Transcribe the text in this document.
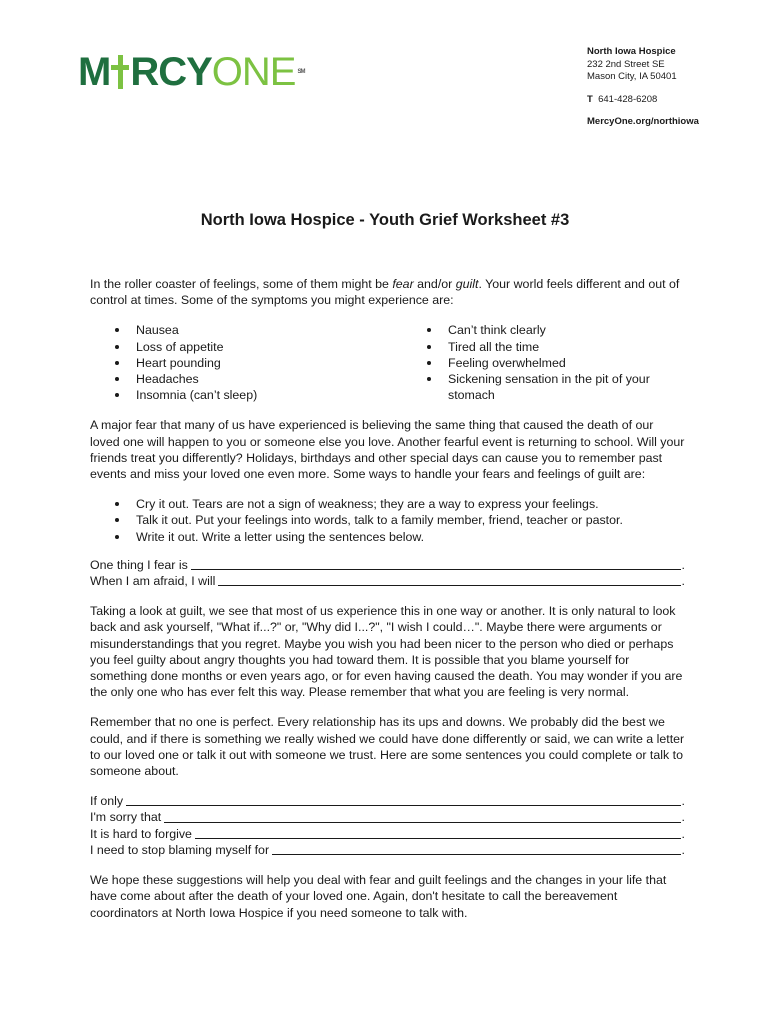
M RCYONE SM
North Iowa Hospice
232 2nd Street SE
Mason City, IA 50401
T 641-428-6208
MercyOne.org/northiowa
North Iowa Hospice - Youth Grief Worksheet #3

In the roller coaster of feelings, some of them might be fear and/or guilt. Your world feels different and out of control at times. Some of the symptoms you might experience are:

Nausea
Loss of appetite
Heart pounding
Headaches
Insomnia (can’t sleep)
Can’t think clearly
Tired all the time
Feeling overwhelmed
Sickening sensation in the pit of your stomach

A major fear that many of us have experienced is believing the same thing that caused the death of our loved one will happen to you or someone else you love. Another fearful event is returning to school. Will your friends treat you differently? Holidays, birthdays and other special days can cause you to remember past events and miss your loved one even more. Some ways to handle your fears and feelings of guilt are:

Cry it out. Tears are not a sign of weakness; they are a way to express your feelings.
Talk it out. Put your feelings into words, talk to a family member, friend, teacher or pastor.
Write it out. Write a letter using the sentences below.
One thing I fear is	.
When I am afraid, I will	.

Taking a look at guilt, we see that most of us experience this in one way or another. It is only natural to look back and ask yourself, "What if...?" or, "Why did I...?", "I wish I could…". Maybe there were arguments or misunderstandings that you regret. Maybe you wish you had been nicer to the person who died or perhaps you feel guilty about angry thoughts you had toward them. It is possible that you blame yourself for something done months or even years ago, or for even having caused the death. You may wonder if you are the only one who has ever felt this way. Please remember that what you are feeling is very normal.

Remember that no one is perfect. Every relationship has its ups and downs. We probably did the best we could, and if there is something we really wished we could have done differently or said, we can write a letter to our loved one or talk it out with someone we trust. Here are some sentences you could complete or talk to someone about.

If only	.
I'm sorry that	.
It is hard to forgive	.
I need to stop blaming myself for	.

We hope these suggestions will help you deal with fear and guilt feelings and the changes in your life that have come about after the death of your loved one. Again, don't hesitate to call the bereavement coordinators at North Iowa Hospice if you need someone to talk with.
